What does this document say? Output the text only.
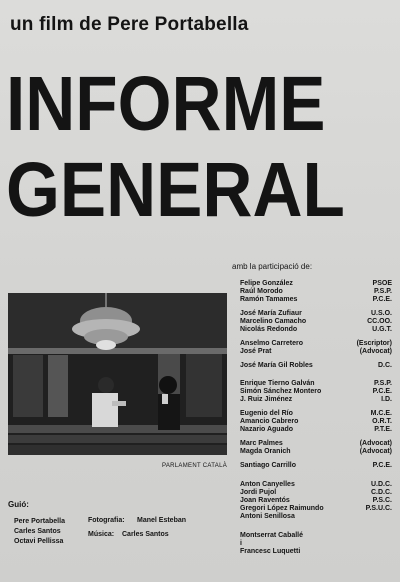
un film de Pere Portabella

INFORME
GENERAL

amb la participació de:

PARLAMENT CATALÀ

Felipe González	PSOE
Raúl Morodo	P.S.P.
Ramón Tamames	P.C.E.
José María Zufiaur	U.S.O.
Marcelino Camacho	CC.OO.
Nicolás Redondo	U.G.T.
Anselmo Carretero	(Escriptor)
José Prat	(Advocat)
José María Gil Robles	D.C.
Enrique Tierno Galván	P.S.P.
Simón Sánchez Montero	P.C.E.
J. Ruiz Jiménez	I.D.
Eugenio del Río	M.C.E.
Amancio Cabrero	O.R.T.
Nazario Aguado	P.T.E.
Marc Palmes	(Advocat)
Magda Oranich	(Advocat)
Santiago Carrillo	P.C.E.
Anton Canyelles	U.D.C.
Jordi Pujol	C.D.C.
Joan Raventós	P.S.C.
Gregori López Raimundo	P.S.U.C.
Antoni Senillosa
Montserrat Caballé
i
Francesc Luquetti

Guió:

Pere Portabella
Carles Santos
Octavi Pellissa

Fotografia: Manel Esteban

Música: Carles Santos
